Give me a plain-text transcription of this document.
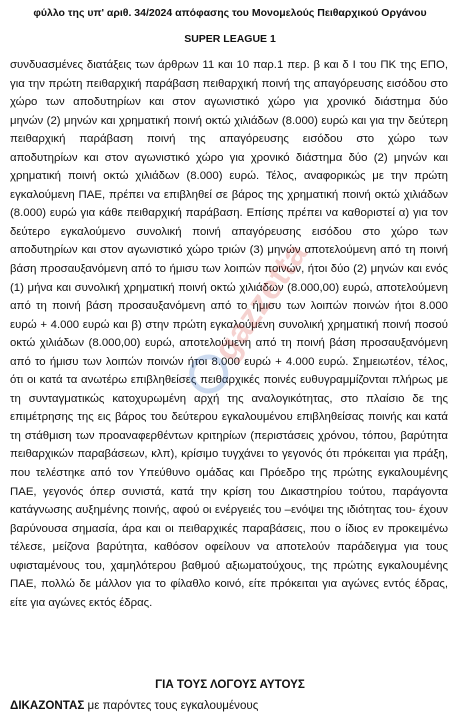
φύλλο της υπ' αριθ. 34/2024 απόφασης του Μονομελούς Πειθαρχικού Οργάνου
SUPER LEAGUE 1
συνδυασμένες διατάξεις των άρθρων 11 και 10 παρ.1 περ. β και δ Ι του ΠΚ της ΕΠΟ,
για την πρώτη πειθαρχική παράβαση πειθαρχική ποινή της απαγόρευσης εισόδου στο
χώρο των αποδυτηρίων και στον αγωνιστικό χώρο για χρονικό διάστημα δύο
μηνών (2) μηνών και χρηματική ποινή οκτώ χιλιάδων (8.000) ευρώ και για την δεύτερη
πειθαρχική παράβαση ποινή της απαγόρευσης εισόδου στο χώρο των
αποδυτηρίων και στον αγωνιστικό χώρο για χρονικό διάστημα δύο (2) μηνών και
χρηματική ποινή οκτώ χιλιάδων (8.000) ευρώ. Τέλος, αναφορικώς με την πρώτη
εγκαλούμενη ΠΑΕ, πρέπει να επιβληθεί σε βάρος της χρηματική ποινή οκτώ χιλιάδων
(8.000) ευρώ για κάθε πειθαρχική παράβαση. Επίσης πρέπει να καθοριστεί α) για τον
δεύτερο εγκαλούμενο συνολική ποινή απαγόρευσης εισόδου στο χώρο των
αποδυτηρίων και στον αγωνιστικό χώρο τριών (3) μηνών αποτελούμενη από τη ποινή
βάση προσαυξανόμενη από το ήμισυ των λοιπών ποινών, ήτοι δύο (2) μηνών και ενός
(1) μήνα και συνολική χρηματική ποινή οκτώ χιλιάδων (8.000,00) ευρώ, αποτελούμενη
από τη ποινή βάση προσαυξανόμενη από το ήμισυ των λοιπών ποινών ήτοι 8.000
ευρώ + 4.000 ευρώ και β) στην πρώτη εγκαλούμενη συνολική χρηματική ποινή ποσού
οκτώ χιλιάδων (8.000,00) ευρώ, αποτελούμενη από τη ποινή βάση προσαυξανόμενη
από το ήμισυ των λοιπών ποινών ήτοι 8.000 ευρώ + 4.000 ευρώ. Σημειωτέον, τέλος,
ότι οι κατά τα ανωτέρω επιβληθείσες πειθαρχικές ποινές ευθυγραμμίζονται πλήρως με
τη συνταγματικώς κατοχυρωμένη αρχή της αναλογικότητας, στο πλαίσιο δε της
επιμέτρησης της εις βάρος του δεύτερου εγκαλουμένου επιβληθείσας ποινής και κατά
τη στάθμιση των προαναφερθέντων κριτηρίων (περιστάσεις χρόνου, τόπου, βαρύτητα
πειθαρχικών παραβάσεων, κλπ), κρίσιμο τυγχάνει το γεγονός ότι πρόκειται για πράξη,
που τελέστηκε από τον Υπεύθυνο ομάδας και Πρόεδρο της πρώτης εγκαλουμένης
ΠΑΕ, γεγονός όπερ συνιστά, κατά την κρίση του Δικαστηρίου τούτου, παράγοντα
κατάγνωσης αυξημένης ποινής, αφού οι ενέργειές του –ενόψει της ιδιότητας του- έχουν
βαρύνουσα σημασία, άρα και οι πειθαρχικές παραβάσεις, που ο ίδιος εν προκειμένω
τέλεσε, μείζονα βαρύτητα, καθόσον οφείλουν να αποτελούν παράδειγμα για τους
υφισταμένους του, χαμηλότερου βαθμού αξιωματούχους, της πρώτης εγκαλουμένης
ΠΑΕ, πολλώ δε μάλλον για το φίλαθλο κοινό, είτε πρόκειται για αγώνες εντός έδρας,
είτε για αγώνες εκτός έδρας.
ΓΙΑ ΤΟΥΣ ΛΟΓΟΥΣ ΑΥΤΟΥΣ
ΔΙΚΑΖΟΝΤΑΣ με παρόντες τους εγκαλουμένους
gazzetta
